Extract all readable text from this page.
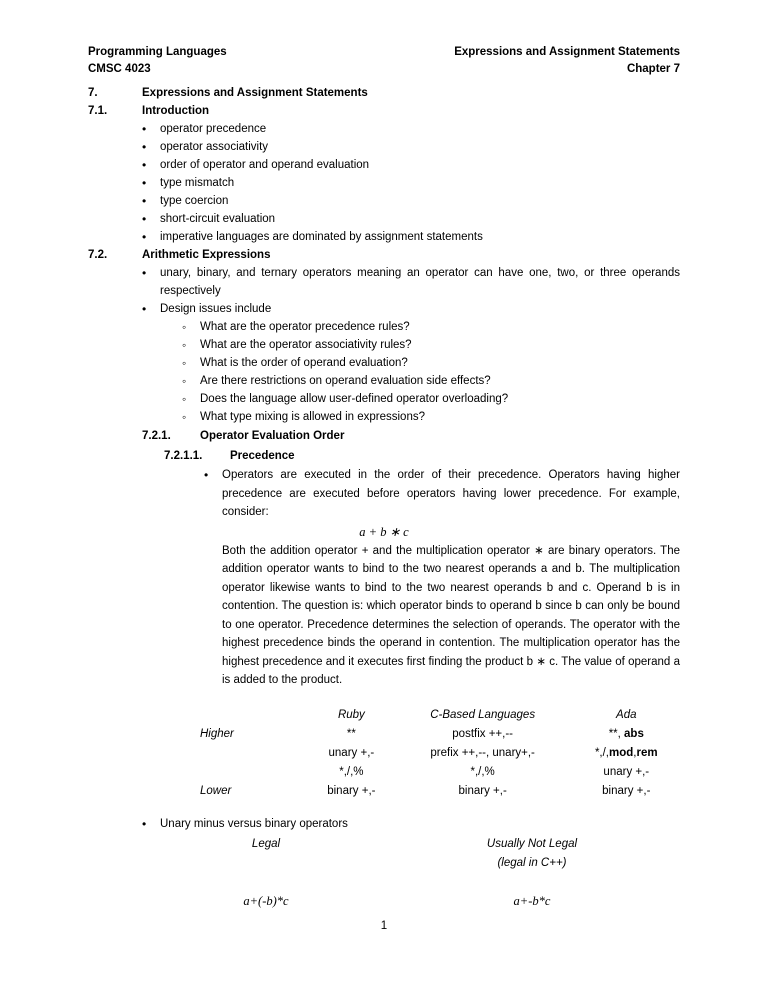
Programming Languages
CMSC 4023
Expressions and Assignment Statements
Chapter 7
7.	Expressions and Assignment Statements
7.1.	Introduction
• operator precedence
• operator associativity
• order of operator and operand evaluation
• type mismatch
• type coercion
• short-circuit evaluation
• imperative languages are dominated by assignment statements
7.2.	Arithmetic Expressions
• unary, binary, and ternary operators meaning an operator can have one, two, or three operands respectively
• Design issues include
◦ What are the operator precedence rules?
◦ What are the operator associativity rules?
◦ What is the order of operand evaluation?
◦ Are there restrictions on operand evaluation side effects?
◦ Does the language allow user-defined operator overloading?
◦ What type mixing is allowed in expressions?
7.2.1.	Operator Evaluation Order
7.2.1.1.	Precedence
• Operators are executed in the order of their precedence. Operators having higher precedence are executed before operators having lower precedence. For example, consider:
a + b ∗ c
Both the addition operator + and the multiplication operator ∗ are binary operators. The addition operator wants to bind to the two nearest operands a and b. The multiplication operator likewise wants to bind to the two nearest operands b and c. Operand b is in contention. The question is: which operator binds to operand b since b can only be bound to one operator. Precedence determines the selection of operands. The operator with the highest precedence binds the operand in contention. The multiplication operator has the highest precedence and it executes first finding the product b ∗ c. The value of operand a is added to the product.
	Ruby	C-Based Languages	Ada
Higher	**	postfix ++,--	**, abs
	unary +,-	prefix ++,--, unary+,-	*,/,mod,rem
	*,/,%	*,/,%	unary +,-
Lower	binary +,-	binary +,-	binary +,-
• Unary minus versus binary operators
Legal	Usually Not Legal
	(legal in C++)

a+(-b)*c	a+-b*c
1
